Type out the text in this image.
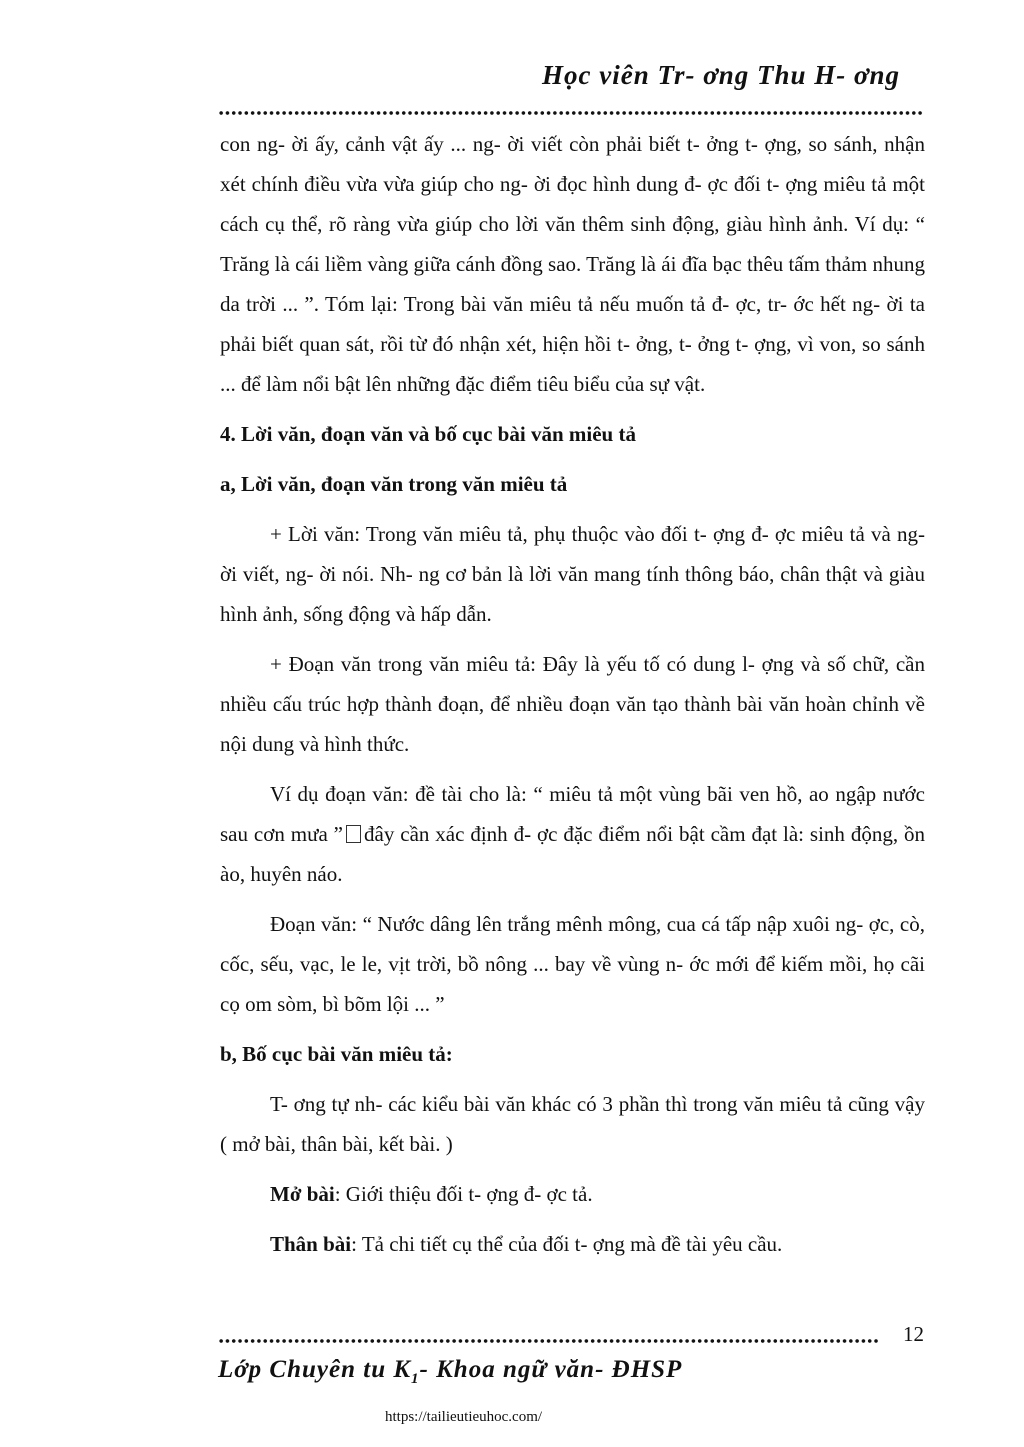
Học viên Tr- ơng Thu H- ơng

con ng- ời ấy, cảnh vật ấy ... ng- ời viết còn phải biết t- ởng t- ợng, so sánh, nhận xét chính điều vừa vừa giúp cho ng- ời đọc hình dung đ- ợc đối t- ợng miêu tả một cách cụ thể, rõ ràng vừa giúp cho lời văn thêm sinh động, giàu hình ảnh. Ví dụ: “ Trăng là cái liềm vàng giữa cánh đồng sao. Trăng là ái đĩa bạc thêu tấm thảm nhung da trời ... ”. Tóm lại: Trong bài văn miêu tả nếu muốn tả đ- ợc, tr- ớc hết ng- ời ta phải biết quan sát, rồi từ đó nhận xét, hiện hồi t- ởng, t- ởng t- ợng, vì von, so sánh ... để làm nổi bật lên những đặc điểm tiêu biểu của sự vật.

4. Lời văn, đoạn văn và bố cục bài văn miêu tả
a, Lời văn, đoạn văn trong văn miêu tả

+ Lời văn: Trong văn miêu tả, phụ thuộc vào đối t- ợng đ- ợc miêu tả và ng- ời viết, ng- ời nói. Nh- ng cơ bản là lời văn mang tính thông báo, chân thật và giàu hình ảnh, sống động và hấp dẫn.

+ Đoạn văn trong văn miêu tả: Đây là yếu tố có dung l- ợng và số chữ, cần nhiều cấu trúc hợp thành đoạn, để nhiều đoạn văn tạo thành bài văn hoàn chỉnh về nội dung và hình thức.

Ví dụ đoạn văn: đề tài cho là: “ miêu tả một vùng bãi ven hồ, ao ngập nước sau cơn mưa ” đây cần xác định đ- ợc đặc điểm nổi bật cầm đạt là: sinh động, ồn ào, huyên náo.

Đoạn văn: “ Nước dâng lên trắng mênh mông, cua cá tấp nập xuôi ng- ợc, cò, cốc, sếu, vạc, le le, vịt trời, bồ nông ... bay về vùng n- ớc mới để kiếm mồi, họ cãi cọ om sòm, bì bõm lội ... ”

b, Bố cục bài văn miêu tả:

T- ơng tự nh- các kiểu bài văn khác có 3 phần thì trong văn miêu tả cũng vậy ( mở bài, thân bài, kết bài. )

Mở bài: Giới thiệu đối t- ợng đ- ợc tả.

Thân bài: Tả chi tiết cụ thể của đối t- ợng mà đề tài yêu cầu.

12
Lớp Chuyên tu $K_1-$ Khoa ngữ văn- ĐHSP
https://tailieutieuhoc.com/
